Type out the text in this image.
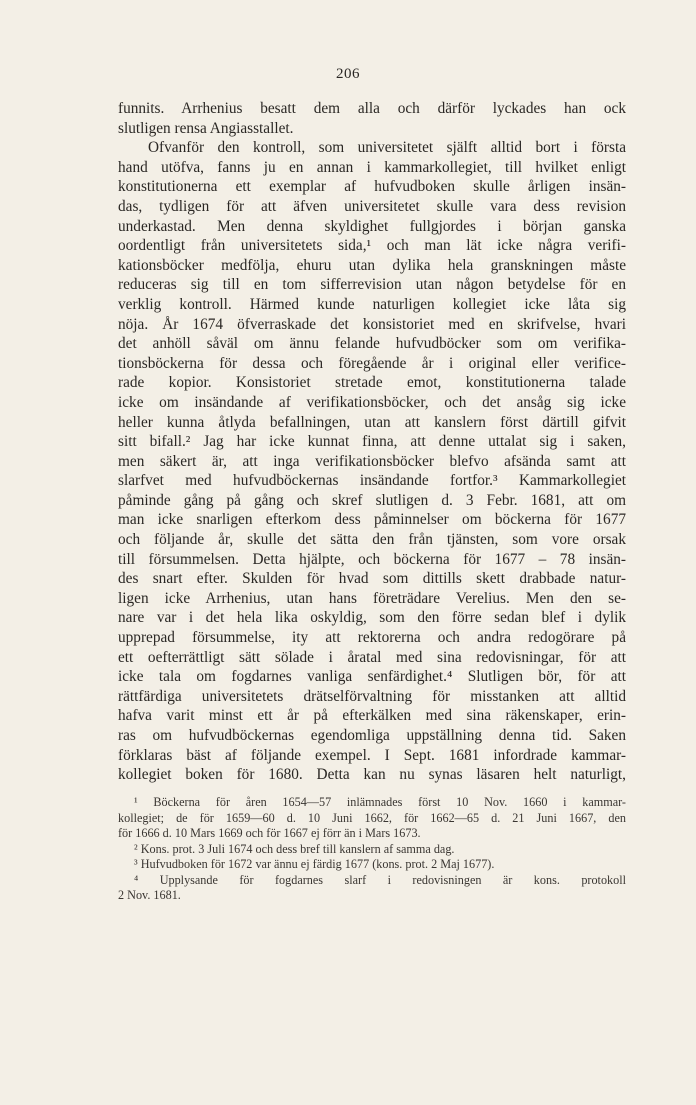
206
funnits. Arrhenius besatt dem alla och därför lyckades han ock
slutligen rensa Angiasstallet.
Ofvanför den kontroll, som universitetet själft alltid bort i första
hand utöfva, fanns ju en annan i kammarkollegiet, till hvilket enligt
konstitutionerna ett exemplar af hufvudboken skulle årligen insän-
das, tydligen för att äfven universitetet skulle vara dess revision
underkastad. Men denna skyldighet fullgjordes i början ganska
oordentligt från universitetets sida,¹ och man lät icke några verifi-
kationsböcker medfölja, ehuru utan dylika hela granskningen måste
reduceras sig till en tom sifferrevision utan någon betydelse för en
verklig kontroll. Härmed kunde naturligen kollegiet icke låta sig
nöja. År 1674 öfverraskade det konsistoriet med en skrifvelse, hvari
det anhöll såväl om ännu felande hufvudböcker som om verifika-
tionsböckerna för dessa och föregående år i original eller verifice-
rade kopior. Konsistoriet stretade emot, konstitutionerna talade
icke om insändande af verifikationsböcker, och det ansåg sig icke
heller kunna åtlyda befallningen, utan att kanslern först därtill gifvit
sitt bifall.² Jag har icke kunnat finna, att denne uttalat sig i saken,
men säkert är, att inga verifikationsböcker blefvo afsända samt att
slarfvet med hufvudböckernas insändande fortfor.³ Kammarkollegiet
påminde gång på gång och skref slutligen d. 3 Febr. 1681, att om
man icke snarligen efterkom dess påminnelser om böckerna för 1677
och följande år, skulle det sätta den från tjänsten, som vore orsak
till försummelsen. Detta hjälpte, och böckerna för 1677 – 78 insän-
des snart efter. Skulden för hvad som dittills skett drabbade natur-
ligen icke Arrhenius, utan hans företrädare Verelius. Men den se-
nare var i det hela lika oskyldig, som den förre sedan blef i dylik
upprepad försummelse, ity att rektorerna och andra redogörare på
ett oefterrättligt sätt sölade i åratal med sina redovisningar, för att
icke tala om fogdarnes vanliga senfärdighet.⁴ Slutligen bör, för att
rättfärdiga universitetets drätselförvaltning för misstanken att alltid
hafva varit minst ett år på efterkälken med sina räkenskaper, erin-
ras om hufvudböckernas egendomliga uppställning denna tid. Saken
förklaras bäst af följande exempel. I Sept. 1681 infordrade kammar-
kollegiet boken för 1680. Detta kan nu synas läsaren helt naturligt,
¹ Böckerna för åren 1654—57 inlämnades först 10 Nov. 1660 i kammar-
kollegiet; de för 1659—60 d. 10 Juni 1662, för 1662—65 d. 21 Juni 1667, den
för 1666 d. 10 Mars 1669 och för 1667 ej förr än i Mars 1673.
² Kons. prot. 3 Juli 1674 och dess bref till kanslern af samma dag.
³ Hufvudboken för 1672 var ännu ej färdig 1677 (kons. prot. 2 Maj 1677).
⁴ Upplysande för fogdarnes slarf i redovisningen är kons. protokoll
2 Nov. 1681.
